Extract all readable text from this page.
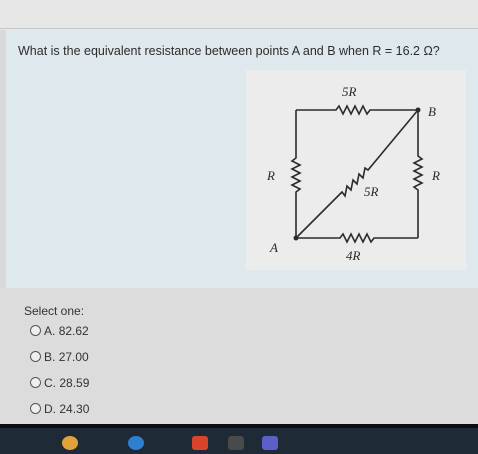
What is the equivalent resistance between points A and B when R = 16.2 Ω?
5R
B
R	R
5R
A
4R
Select one:
A. 82.62
B. 27.00
C. 28.59
D. 24.30
